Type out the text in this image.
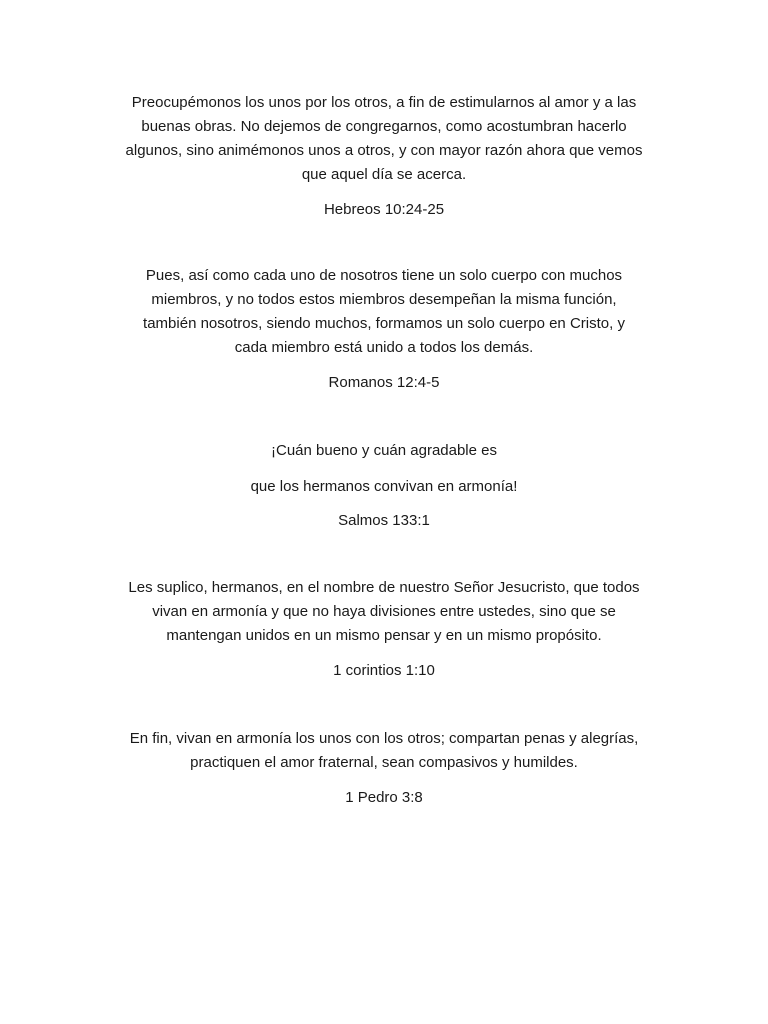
Preocupémonos los unos por los otros, a fin de estimularnos al amor y a las
buenas obras. No dejemos de congregarnos, como acostumbran hacerlo
algunos, sino animémonos unos a otros, y con mayor razón ahora que vemos
que aquel día se acerca.

Hebreos 10:24-25

Pues, así como cada uno de nosotros tiene un solo cuerpo con muchos
miembros, y no todos estos miembros desempeñan la misma función,
también nosotros, siendo muchos, formamos un solo cuerpo en Cristo, y
cada miembro está unido a todos los demás.

Romanos 12:4-5

¡Cuán bueno y cuán agradable es

que los hermanos convivan en armonía!

Salmos 133:1

Les suplico, hermanos, en el nombre de nuestro Señor Jesucristo, que todos
vivan en armonía y que no haya divisiones entre ustedes, sino que se
mantengan unidos en un mismo pensar y en un mismo propósito.

1 corintios 1:10

En fin, vivan en armonía los unos con los otros; compartan penas y alegrías,
practiquen el amor fraternal, sean compasivos y humildes.

1 Pedro 3:8
